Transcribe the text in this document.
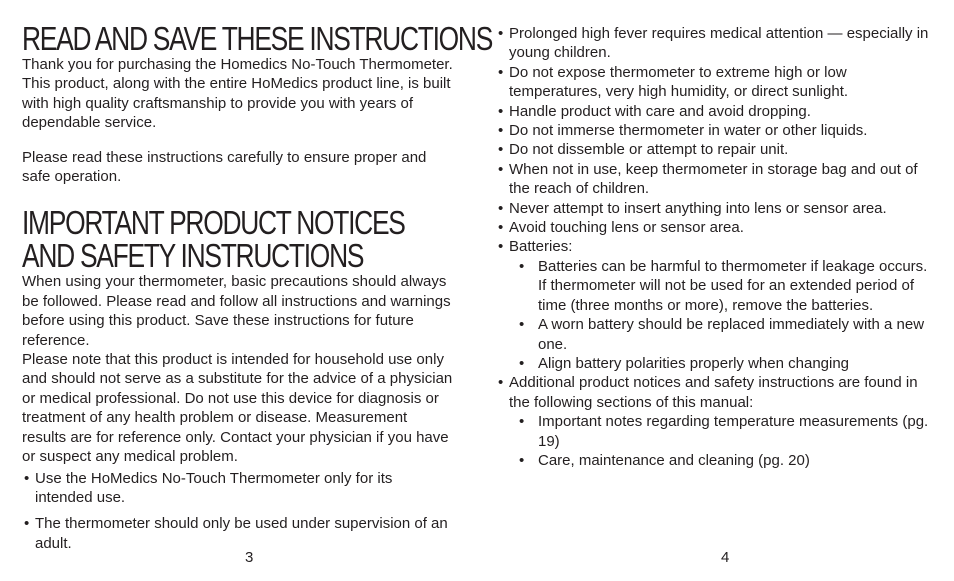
READ AND SAVE THESE INSTRUCTIONS

Thank you for purchasing the Homedics No-Touch Thermometer. This product, along with the entire HoMedics product line, is built with high quality craftsmanship to provide you with years of dependable service.

Please read these instructions carefully to ensure proper and safe operation.

IMPORTANT PRODUCT NOTICES
AND SAFETY INSTRUCTIONS

When using your thermometer, basic precautions should always be followed. Please read and follow all instructions and warnings before using this product. Save these instructions for future reference.

Please note that this product is intended for household use only and should not serve as a substitute for the advice of a physician or medical professional. Do not use this device for diagnosis or treatment of any health problem or disease. Measurement results are for reference only. Contact your physician if you have or suspect any medical problem.

• Use the HoMedics No-Touch Thermometer only for its intended use.
• The thermometer should only be used under supervision of an adult.
• Prolonged high fever requires medical attention — especially in young children.
• Do not expose thermometer to extreme high or low temperatures, very high humidity, or direct sunlight.
• Handle product with care and avoid dropping.
• Do not immerse thermometer in water or other liquids.
• Do not dissemble or attempt to repair unit.
• When not in use, keep thermometer in storage bag and out of the reach of children.
• Never attempt to insert anything into lens or sensor area.
• Avoid touching lens or sensor area.
• Batteries:
• Batteries can be harmful to thermometer if leakage occurs. If thermometer will not be used for an extended period of time (three months or more), remove the batteries.
• A worn battery should be replaced immediately with a new one.
• Align battery polarities properly when changing
• Additional product notices and safety instructions are found in the following sections of this manual:
• Important notes regarding temperature measurements (pg. 19)
• Care, maintenance and cleaning (pg. 20)
3	4
